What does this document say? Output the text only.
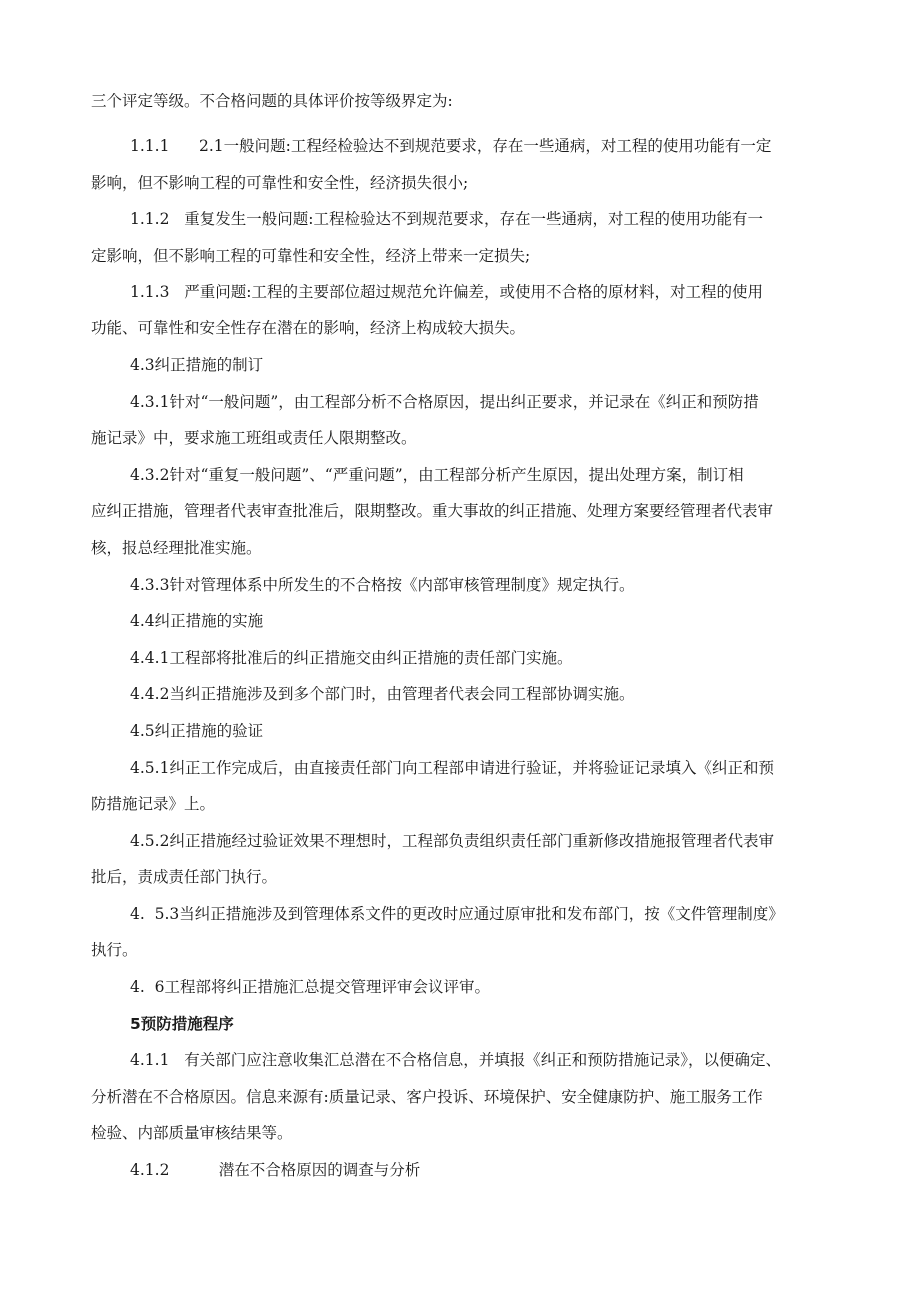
三个评定等级。不合格问题的具体评价按等级界定为:
1.1.1      2.1一般问题:工程经检验达不到规范要求，存在一些通病，对工程的使用功能有一定
影响，但不影响工程的可靠性和安全性，经济损失很小;
1.1.2   重复发生一般问题:工程检验达不到规范要求，存在一些通病，对工程的使用功能有一
定影响，但不影响工程的可靠性和安全性，经济上带来一定损失;
1.1.3   严重问题:工程的主要部位超过规范允许偏差，或使用不合格的原材料，对工程的使用
功能、可靠性和安全性存在潜在的影响，经济上构成较大损失。
4.3纠正措施的制订
4.3.1针对“一般问题”，由工程部分析不合格原因，提出纠正要求，并记录在《纠正和预防措
施记录》中，要求施工班组或责任人限期整改。
4.3.2针对“重复一般问题”、“严重问题”，由工程部分析产生原因，提出处理方案，制订相
应纠正措施，管理者代表审查批准后，限期整改。重大事故的纠正措施、处理方案要经管理者代表审
核，报总经理批准实施。
4.3.3针对管理体系中所发生的不合格按《内部审核管理制度》规定执行。
4.4纠正措施的实施
4.4.1工程部将批准后的纠正措施交由纠正措施的责任部门实施。
4.4.2当纠正措施涉及到多个部门时，由管理者代表会同工程部协调实施。
4.5纠正措施的验证
4.5.1纠正工作完成后，由直接责任部门向工程部申请进行验证，并将验证记录填入《纠正和预
防措施记录》上。
4.5.2纠正措施经过验证效果不理想时，工程部负责组织责任部门重新修改措施报管理者代表审
批后，责成责任部门执行。
4.  5.3当纠正措施涉及到管理体系文件的更改时应通过原审批和发布部门，按《文件管理制度》
执行。
4.  6工程部将纠正措施汇总提交管理评审会议评审。
5预防措施程序
4.1.1   有关部门应注意收集汇总潜在不合格信息，并填报《纠正和预防措施记录》，以便确定、
分析潜在不合格原因。信息来源有:质量记录、客户投诉、环境保护、安全健康防护、施工服务工作
检验、内部质量审核结果等。
4.1.2          潜在不合格原因的调查与分析
